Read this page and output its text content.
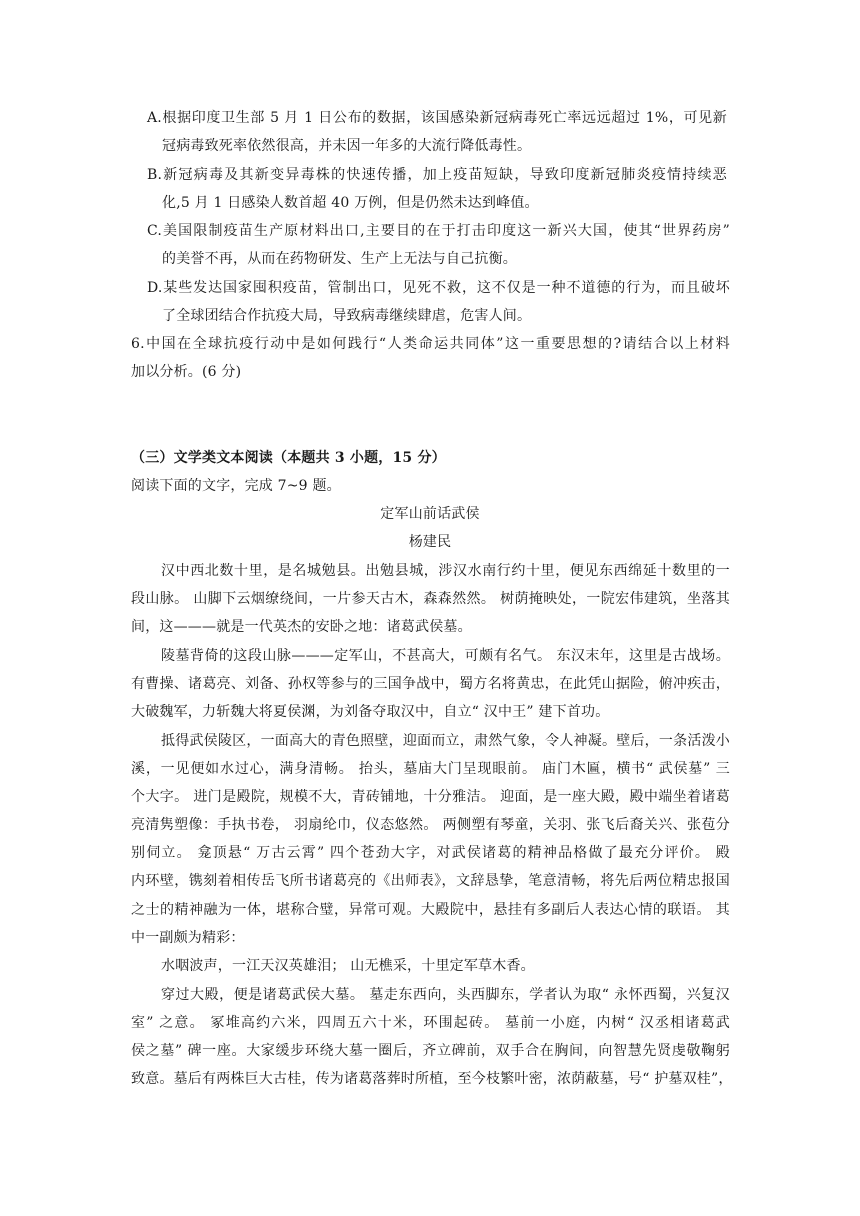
A.根据印度卫生部 5 月 1 日公布的数据，该国感染新冠病毒死亡率远远超过 1%，可见新
冠病毒致死率依然很高，并未因一年多的大流行降低毒性。
B.新冠病毒及其新变异毒株的快速传播，加上疫苗短缺，导致印度新冠肺炎疫情持续恶
化,5 月 1 日感染人数首超 40 万例，但是仍然未达到峰值。
C.美国限制疫苗生产原材料出口,主要目的在于打击印度这一新兴大国，使其“世界药房”
的美誉不再，从而在药物研发、生产上无法与自己抗衡。
D.某些发达国家囤积疫苗，管制出口，见死不救，这不仅是一种不道德的行为，而且破坏
了全球团结合作抗疫大局，导致病毒继续肆虐，危害人间。
6.中国在全球抗疫行动中是如何践行“人类命运共同体”这一重要思想的?请结合以上材料
加以分析。(6 分)
（三）文学类文本阅读（本题共 3 小题，15 分）
阅读下面的文字，完成 7~9 题。
定军山前话武侯
杨建民
汉中西北数十里，是名城勉县。出勉县城，涉汉水南行约十里，便见东西绵延十数里的一
段山脉。 山脚下云烟缭绕间，一片参天古木，森森然然。 树荫掩映处，一院宏伟建筑，坐落其
间，这———就是一代英杰的安卧之地：诸葛武侯墓。
陵墓背倚的这段山脉———定军山，不甚高大，可颇有名气。 东汉末年，这里是古战场。
有曹操、诸葛亮、刘备、孙权等参与的三国争战中，蜀方名将黄忠，在此凭山据险，俯冲疾击，
大破魏军，力斩魏大将夏侯渊，为刘备夺取汉中，自立“ 汉中王” 建下首功。
抵得武侯陵区，一面高大的青色照壁，迎面而立，肃然气象，令人神凝。壁后，一条活泼小
溪，一见便如水过心，满身清畅。 抬头，墓庙大门呈现眼前。 庙门木匾，横书“ 武侯墓” 三
个大字。 进门是殿院，规模不大，青砖铺地，十分雅洁。 迎面，是一座大殿，殿中端坐着诸葛
亮清隽塑像：手执书卷， 羽扇纶巾，仪态悠然。 两侧塑有琴童，关羽、张飞后裔关兴、张苞分
别伺立。 龛顶悬“ 万古云霄” 四个苍劲大字，对武侯诸葛的精神品格做了最充分评价。 殿
内环壁，镌刻着相传岳飞所书诸葛亮的《出师表》，文辞恳挚，笔意清畅，将先后两位精忠报国
之士的精神融为一体，堪称合璧，异常可观。大殿院中，悬挂有多副后人表达心情的联语。 其
中一副颇为精彩：
水咽波声，一江天汉英雄泪； 山无樵采，十里定军草木香。
穿过大殿，便是诸葛武侯大墓。 墓走东西向，头西脚东，学者认为取“ 永怀西蜀，兴复汉
室” 之意。 冢堆高约六米，四周五六十米，环围起砖。 墓前一小庭，内树“ 汉丞相诸葛武
侯之墓” 碑一座。大家缓步环绕大墓一圈后，齐立碑前，双手合在胸间，向智慧先贤虔敬鞠躬
致意。墓后有两株巨大古桂，传为诸葛落葬时所植，至今枝繁叶密，浓荫蔽墓，号“ 护墓双桂”，
